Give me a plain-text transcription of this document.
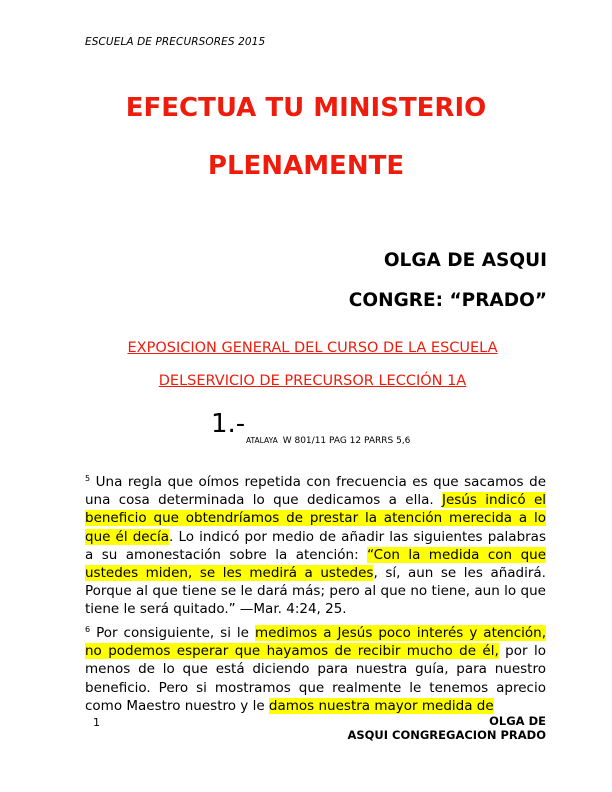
ESCUELA DE PRECURSORES 2015
EFECTUA TU MINISTERIO
PLENAMENTE
OLGA DE ASQUI
CONGRE: “PRADO”
EXPOSICION GENERAL DEL CURSO DE LA ESCUELA
DELSERVICIO DE PRECURSOR LECCIÓN 1A
1.-
ATALAYA W 801/11 PAG 12 PARRS 5,6

$^5$ Una regla que oímos repetida con frecuencia es que sacamos de una cosa determinada lo que dedicamos a ella. Jesús indicó el beneficio que obtendríamos de prestar la atención merecida a lo que él decía. Lo indicó por medio de añadir las siguientes palabras a su amonestación sobre la atención: “Con la medida con que ustedes miden, se les medirá a ustedes, sí, aun se les añadirá. Porque al que tiene se le dará más; pero al que no tiene, aun lo que tiene le será quitado.” —Mar. 4:24, 25.

$^6$ Por consiguiente, si le medimos a Jesús poco interés y atención, no podemos esperar que hayamos de recibir mucho de él, por lo menos de lo que está diciendo para nuestra guía, para nuestro beneficio. Pero si mostramos que realmente le tenemos aprecio como Maestro nuestro y le damos nuestra mayor medida de

1	OLGA DE
ASQUI CONGREGACION PRADO
